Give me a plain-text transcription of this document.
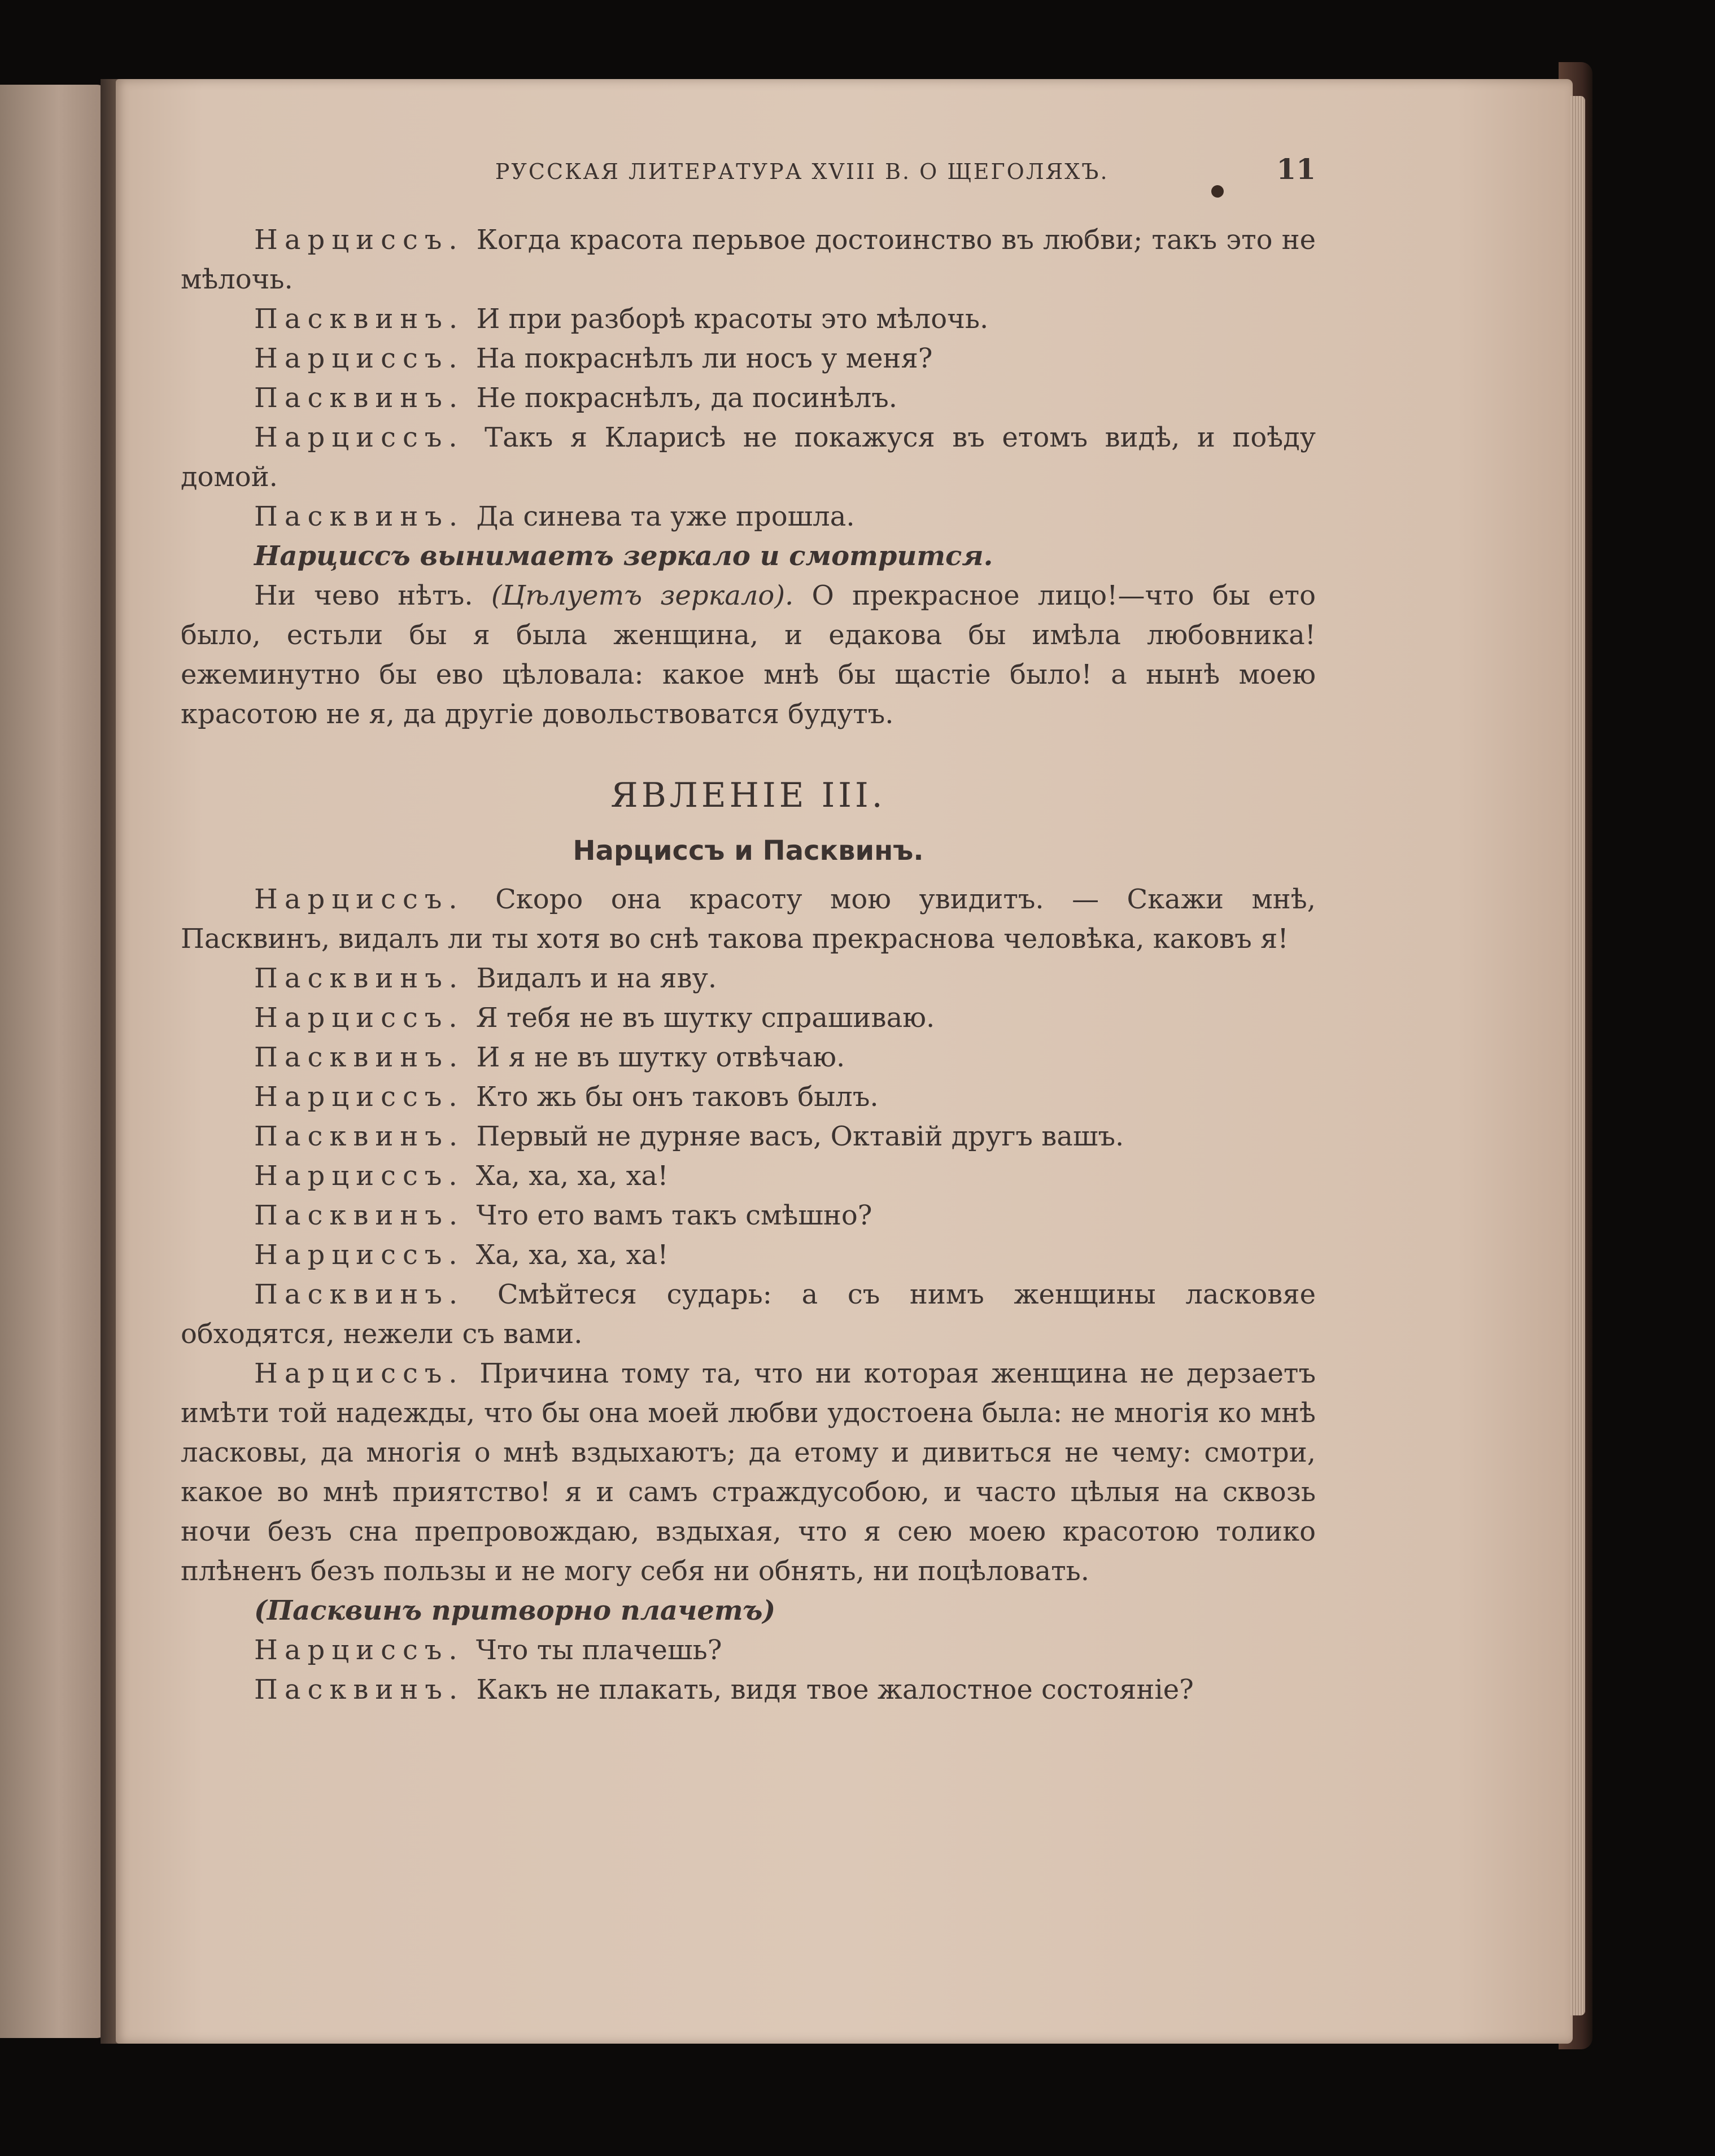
РУССКАЯ ЛИТЕРАТУРА XVIII В. О ЩЕГОЛЯХЪ.	11

Нарциссъ. Когда красота перьвое достоинство въ любви; такъ это не мѣлочь.

Пасквинъ. И при разборѣ красоты это мѣлочь.

Нарциссъ. На покраснѣлъ ли носъ у меня?

Пасквинъ. Не покраснѣлъ, да посинѣлъ.

Нарциссъ. Такъ я Кларисѣ не покажуся въ етомъ видѣ, и поѣду домой.

Пасквинъ. Да синева та уже прошла.

Нарциссъ вынимаетъ зеркало и смотрится.

Ни чево нѣтъ. (Цѣлуетъ зеркало). О прекрасное лицо!—что бы ето было, естьли бы я была женщина, и едакова бы имѣла любовника! ежеминутно бы ево цѣловала: какое мнѣ бы щастіе было! а нынѣ моею красотою не я, да другіе довольствоватся будутъ.

ЯВЛЕНІЕ III.
Нарциссъ и Пасквинъ.

Нарциссъ. Скоро она красоту мою увидитъ. — Скажи мнѣ, Пасквинъ, видалъ ли ты хотя во снѣ такова прекраснова человѣка, каковъ я!

Пасквинъ. Видалъ и на яву.

Нарциссъ. Я тебя не въ шутку спрашиваю.

Пасквинъ. И я не въ шутку отвѣчаю.

Нарциссъ. Кто жь бы онъ таковъ былъ.

Пасквинъ. Первый не дурняе васъ, Октавій другъ вашъ.

Нарциссъ. Ха, ха, ха, ха!

Пасквинъ. Что ето вамъ такъ смѣшно?

Нарциссъ. Ха, ха, ха, ха!

Пасквинъ. Смѣйтеся сударь: а съ нимъ женщины ласковяе обходятся, нежели съ вами.

Нарциссъ. Причина тому та, что ни которая женщина не дерзаетъ имѣти той надежды, что бы она моей любви удостоена была: не многія ко мнѣ ласковы, да многія о мнѣ вздыхаютъ; да етому и дивиться не чему: смотри, какое во мнѣ приятство! я и самъ страждусобою, и часто цѣлыя на сквозь ночи безъ сна препровождаю, вздыхая, что я сею моею красотою толико плѣненъ безъ пользы и не могу себя ни обнять, ни поцѣловать.

(Пасквинъ притворно плачетъ)

Нарциссъ. Что ты плачешь?

Пасквинъ. Какъ не плакать, видя твое жалостное состояніе?
